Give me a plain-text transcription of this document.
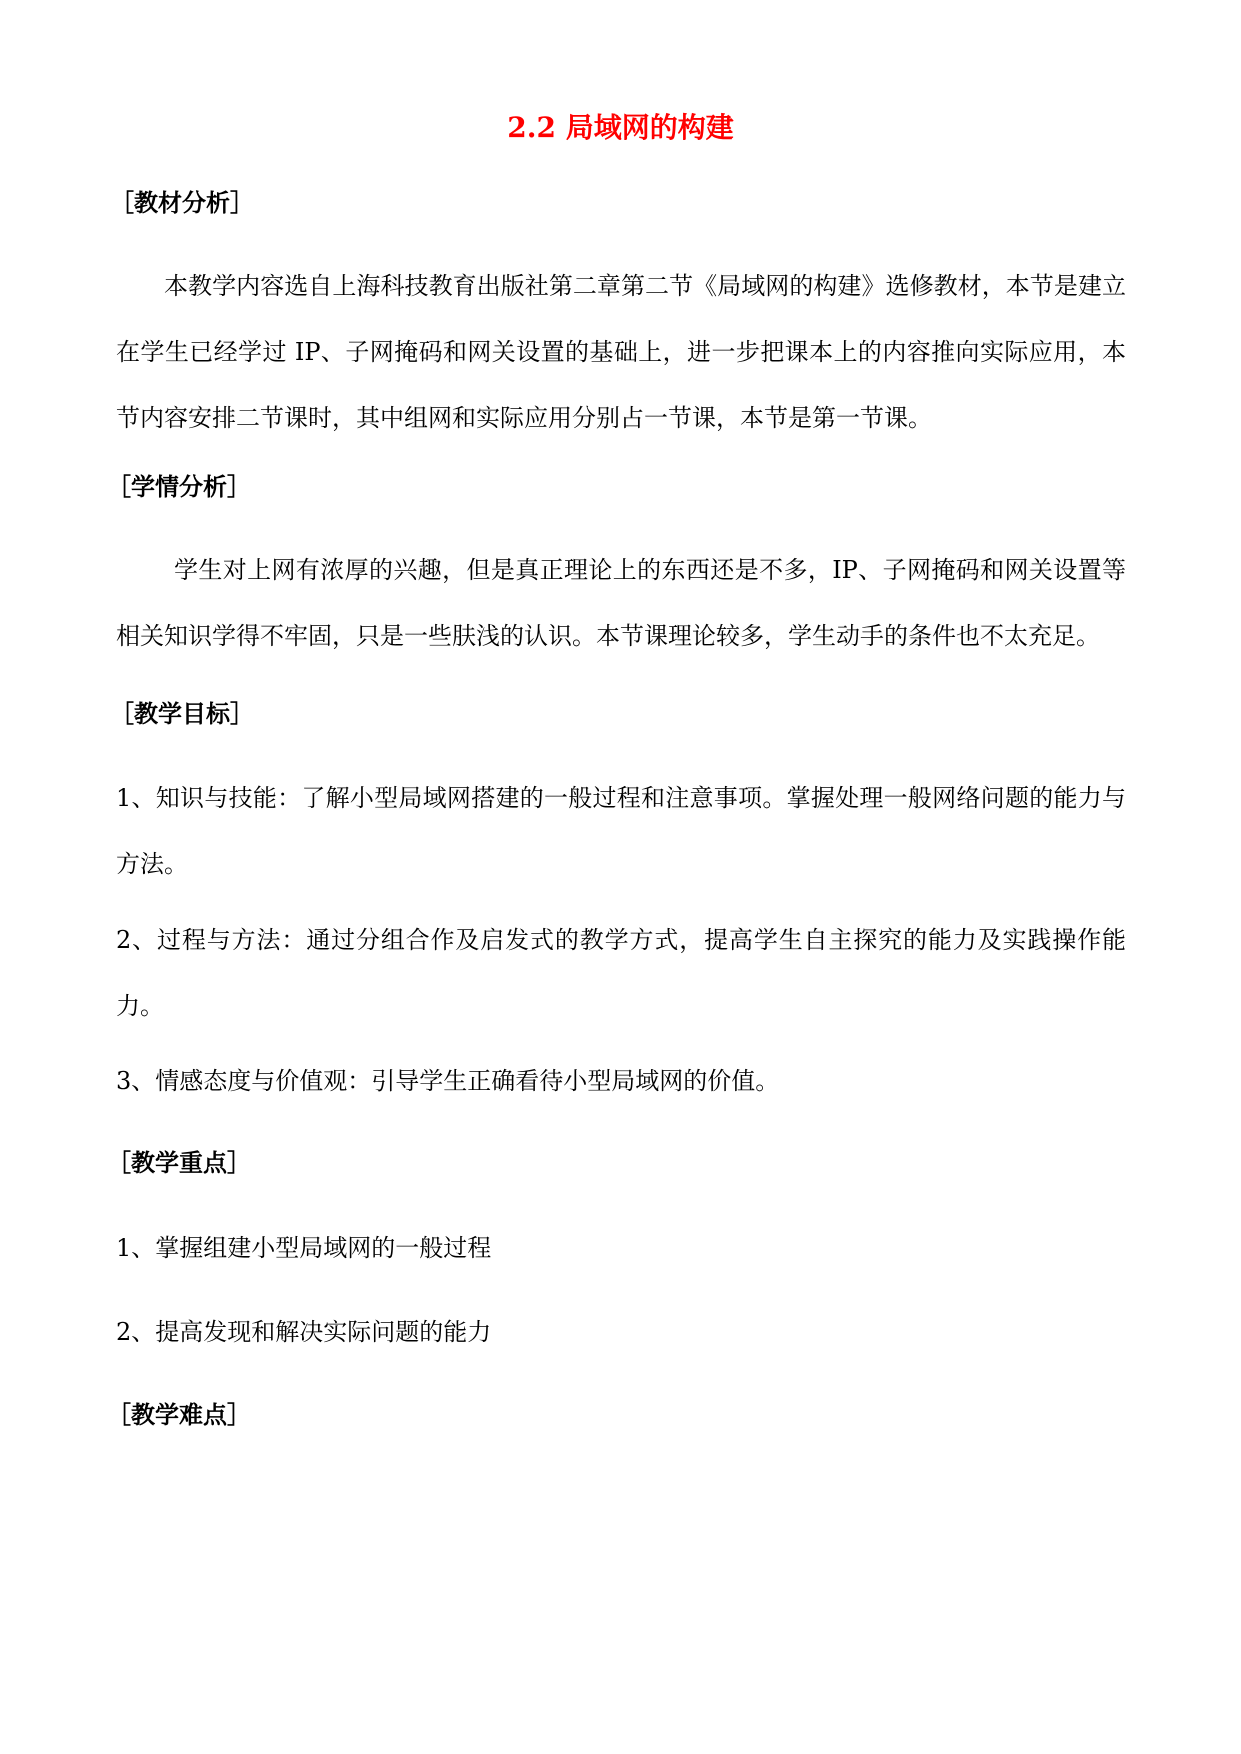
2.2 局域网的构建
［教材分析］
本教学内容选自上海科技教育出版社第二章第二节《局域网的构建》选修教材，本节是建立在学生已经学过 IP、子网掩码和网关设置的基础上，进一步把课本上的内容推向实际应用，本节内容安排二节课时，其中组网和实际应用分别占一节课，本节是第一节课。
［学情分析］
学生对上网有浓厚的兴趣，但是真正理论上的东西还是不多，IP、子网掩码和网关设置等相关知识学得不牢固，只是一些肤浅的认识。本节课理论较多，学生动手的条件也不太充足。
［教学目标］
1、知识与技能：了解小型局域网搭建的一般过程和注意事项。掌握处理一般网络问题的能力与方法。
2、过程与方法：通过分组合作及启发式的教学方式，提高学生自主探究的能力及实践操作能力。
3、情感态度与价值观：引导学生正确看待小型局域网的价值。
［教学重点］
1、掌握组建小型局域网的一般过程
2、提高发现和解决实际问题的能力
［教学难点］
